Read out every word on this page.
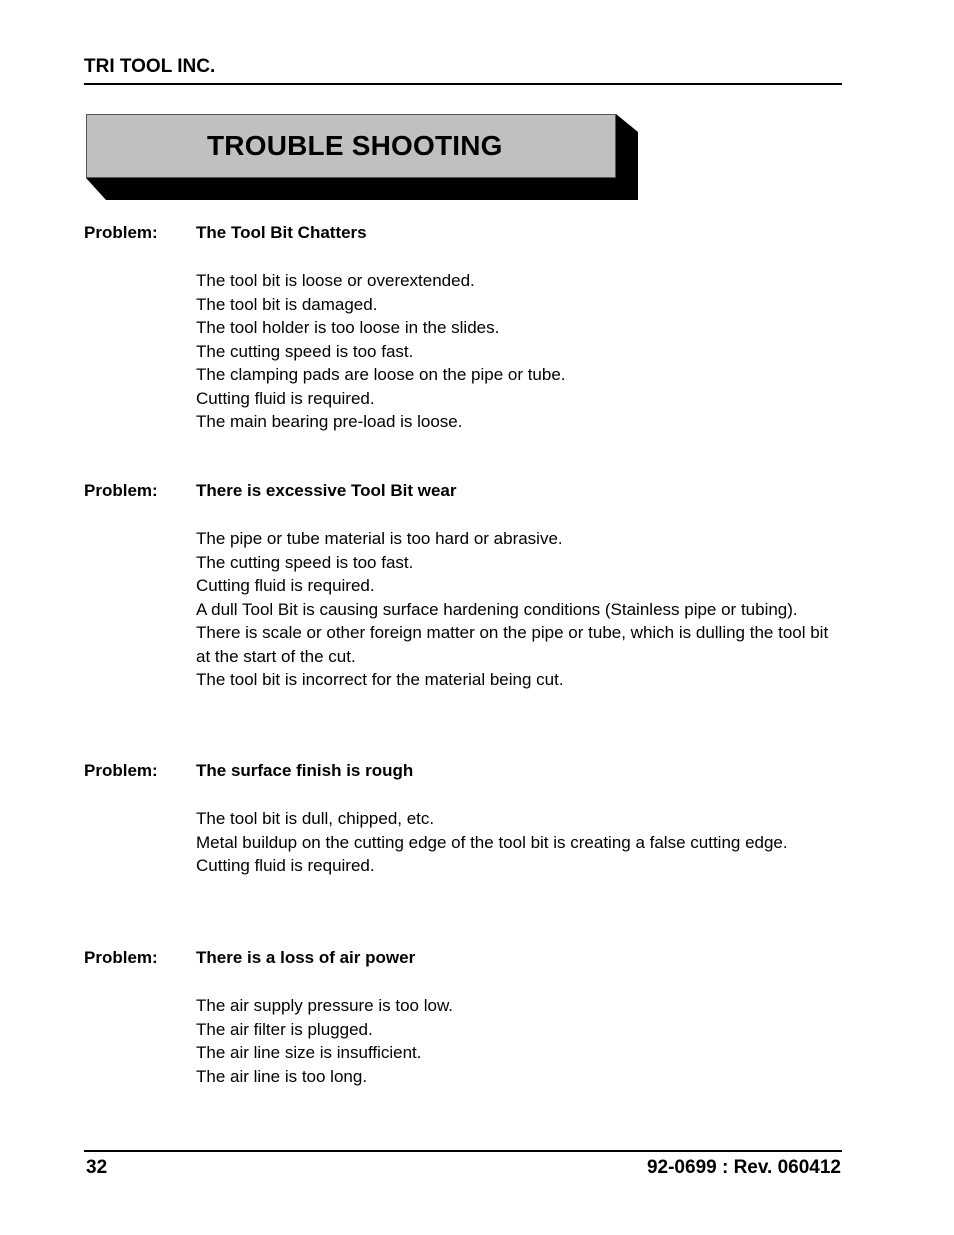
TRI TOOL INC.
TROUBLE SHOOTING
Problem: The Tool Bit Chatters
The tool bit is loose or overextended.
The tool bit is damaged.
The tool holder is too loose in the slides.
The cutting speed is too fast.
The clamping pads are loose on the pipe or tube.
Cutting fluid is required.
The main bearing pre-load is loose.
Problem: There is excessive Tool Bit wear
The pipe or tube material is too hard or abrasive.
The cutting speed is too fast.
Cutting fluid is required.
A dull Tool Bit is causing surface hardening conditions (Stainless pipe or tubing).
There is scale or other foreign matter on the pipe or tube, which is dulling the tool bit at the start of the cut.
The tool bit is incorrect for the material being cut.
Problem: The surface finish is rough
The tool bit is dull, chipped, etc.
Metal buildup on the cutting edge of the tool bit is creating a false cutting edge.
Cutting fluid is required.
Problem: There is a loss of air power
The air supply pressure is too low.
The air filter is plugged.
The air line size is insufficient.
The air line is too long.
32	92-0699 : Rev. 060412
